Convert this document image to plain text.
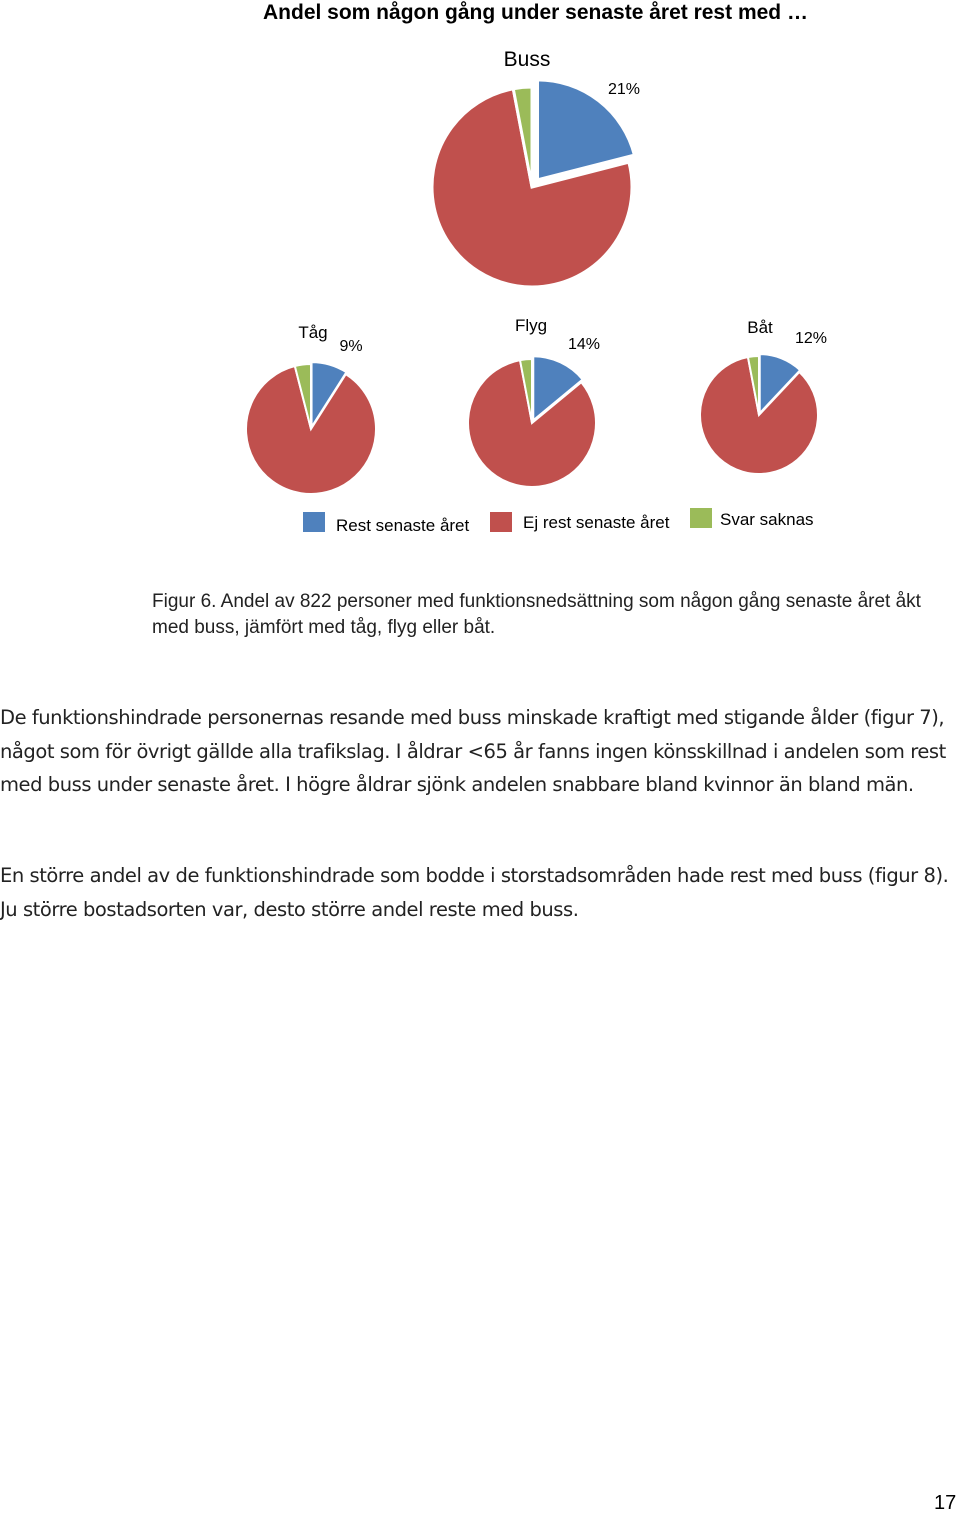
Andel som någon gång under senaste året rest med …
Buss
21%
Tåg
9%
Flyg
14%
Båt
12%
Rest senaste året	Ej rest senaste året	Svar saknas
Figur 6. Andel av 822 personer med funktionsnedsättning som någon gång senaste året åkt med buss, jämfört med tåg, flyg eller båt.
De funktionshindrade personernas resande med buss minskade kraftigt med stigande ålder (figur 7), något som för övrigt gällde alla trafikslag. I åldrar <65 år fanns ingen könsskillnad i andelen som rest med buss under senaste året. I högre åldrar sjönk andelen snabbare bland kvinnor än bland män.
En större andel av de funktionshindrade som bodde i storstadsområden hade rest med buss (figur 8). Ju större bostadsorten var, desto större andel reste med buss.
17
